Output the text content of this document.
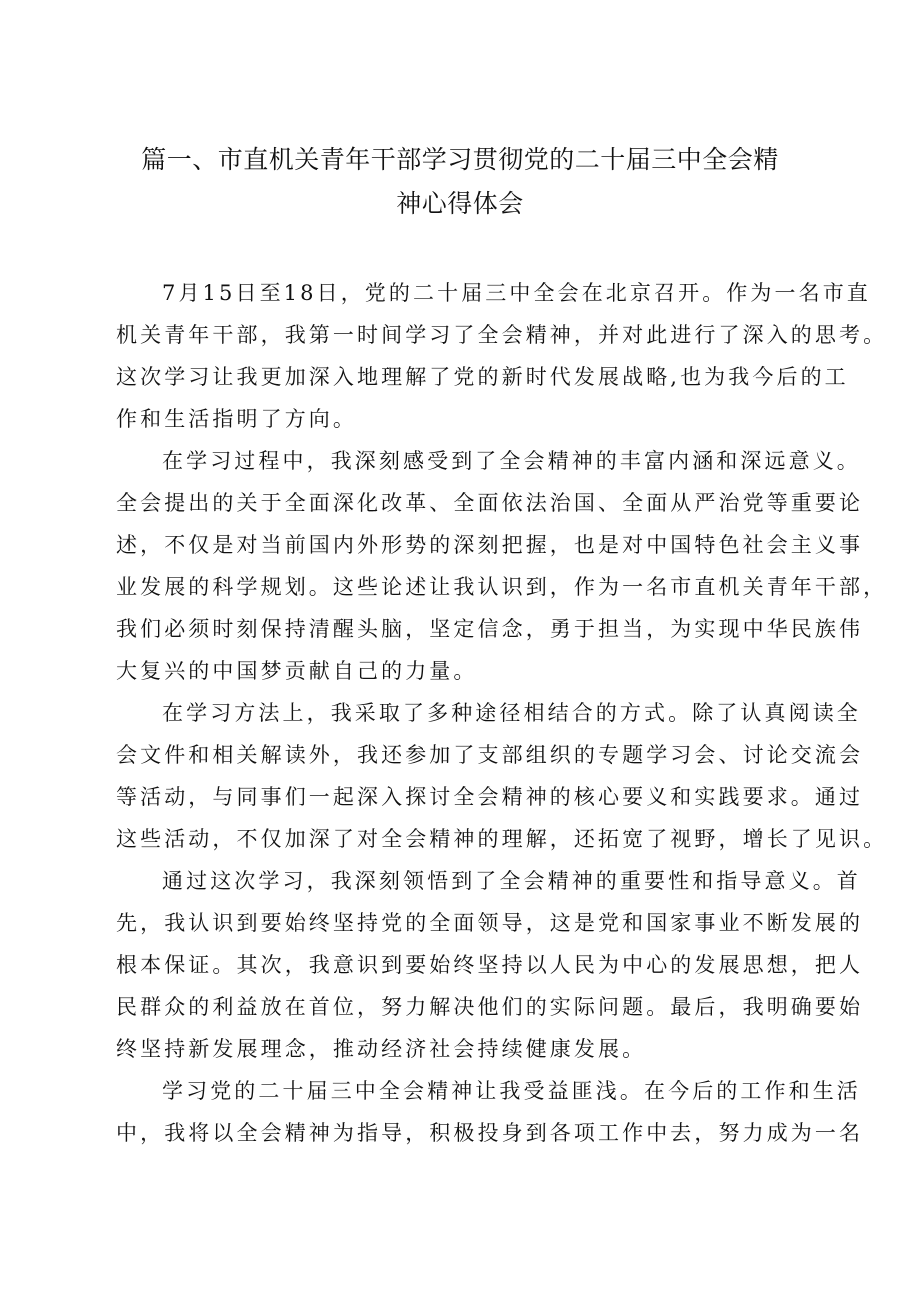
篇一、市直机关青年干部学习贯彻党的二十届三中全会精
神心得体会

7月15日至18日，党的二十届三中全会在北京召开。作为一名市直
机关青年干部，我第一时间学习了全会精神，并对此进行了深入的思考。
这次学习让我更加深入地理解了党的新时代发展战略,也为我今后的工
作和生活指明了方向。

在学习过程中，我深刻感受到了全会精神的丰富内涵和深远意义。
全会提出的关于全面深化改革、全面依法治国、全面从严治党等重要论
述，不仅是对当前国内外形势的深刻把握，也是对中国特色社会主义事
业发展的科学规划。这些论述让我认识到，作为一名市直机关青年干部，
我们必须时刻保持清醒头脑，坚定信念，勇于担当，为实现中华民族伟
大复兴的中国梦贡献自己的力量。

在学习方法上，我采取了多种途径相结合的方式。除了认真阅读全
会文件和相关解读外，我还参加了支部组织的专题学习会、讨论交流会
等活动，与同事们一起深入探讨全会精神的核心要义和实践要求。通过
这些活动，不仅加深了对全会精神的理解，还拓宽了视野，增长了见识。

通过这次学习，我深刻领悟到了全会精神的重要性和指导意义。首
先，我认识到要始终坚持党的全面领导，这是党和国家事业不断发展的
根本保证。其次，我意识到要始终坚持以人民为中心的发展思想，把人
民群众的利益放在首位，努力解决他们的实际问题。最后，我明确要始
终坚持新发展理念，推动经济社会持续健康发展。

学习党的二十届三中全会精神让我受益匪浅。在今后的工作和生活
中，我将以全会精神为指导，积极投身到各项工作中去，努力成为一名
